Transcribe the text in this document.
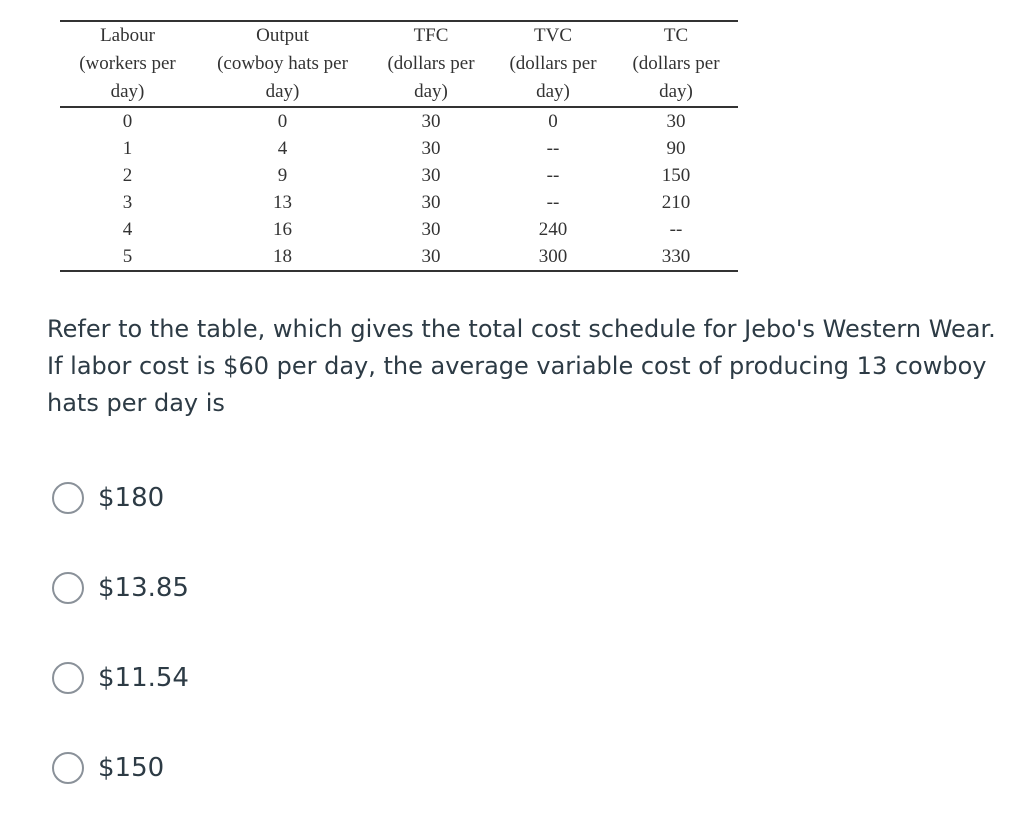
Labour
(workers per
day)	Output
(cowboy hats per
day)	TFC
(dollars per
day)	TVC
(dollars per
day)	TC
(dollars per
day)

0	0	30	0	30
1	4	30	--	90
2	9	30	--	150
3	13	30	--	210
4	16	30	240	--
5	18	30	300	330

Refer to the table, which gives the total cost schedule for Jebo's Western Wear. If labor cost is $60 per day, the average variable cost of producing 13 cowboy hats per day is

$180
$13.85
$11.54
$150
